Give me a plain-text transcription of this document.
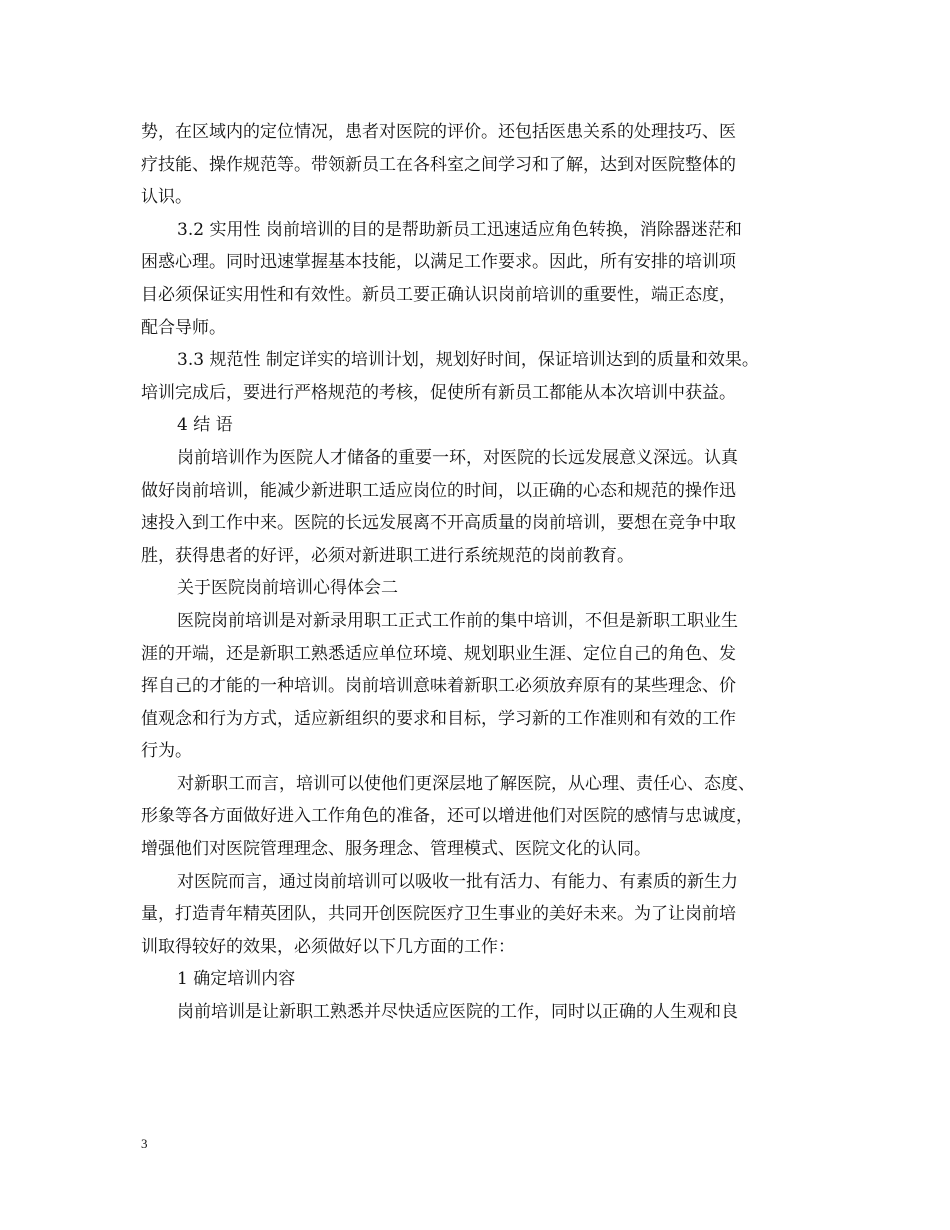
势，在区域内的定位情况，患者对医院的评价。还包括医患关系的处理技巧、医
疗技能、操作规范等。带领新员工在各科室之间学习和了解，达到对医院整体的
认识。
3.2 实用性 岗前培训的目的是帮助新员工迅速适应角色转换，消除器迷茫和
困惑心理。同时迅速掌握基本技能，以满足工作要求。因此，所有安排的培训项
目必须保证实用性和有效性。新员工要正确认识岗前培训的重要性，端正态度，
配合导师。
3.3 规范性 制定详实的培训计划，规划好时间，保证培训达到的质量和效果。
培训完成后，要进行严格规范的考核，促使所有新员工都能从本次培训中获益。
4 结 语
岗前培训作为医院人才储备的重要一环，对医院的长远发展意义深远。认真
做好岗前培训，能减少新进职工适应岗位的时间，以正确的心态和规范的操作迅
速投入到工作中来。医院的长远发展离不开高质量的岗前培训，要想在竞争中取
胜，获得患者的好评，必须对新进职工进行系统规范的岗前教育。
关于医院岗前培训心得体会二
医院岗前培训是对新录用职工正式工作前的集中培训，不但是新职工职业生
涯的开端，还是新职工熟悉适应单位环境、规划职业生涯、定位自己的角色、发
挥自己的才能的一种培训。岗前培训意味着新职工必须放弃原有的某些理念、价
值观念和行为方式，适应新组织的要求和目标，学习新的工作准则和有效的工作
行为。
对新职工而言，培训可以使他们更深层地了解医院，从心理、责任心、态度、
形象等各方面做好进入工作角色的准备，还可以增进他们对医院的感情与忠诚度，
增强他们对医院管理理念、服务理念、管理模式、医院文化的认同。
对医院而言，通过岗前培训可以吸收一批有活力、有能力、有素质的新生力
量，打造青年精英团队，共同开创医院医疗卫生事业的美好未来。为了让岗前培
训取得较好的效果，必须做好以下几方面的工作：
1 确定培训内容
岗前培训是让新职工熟悉并尽快适应医院的工作，同时以正确的人生观和良
3
